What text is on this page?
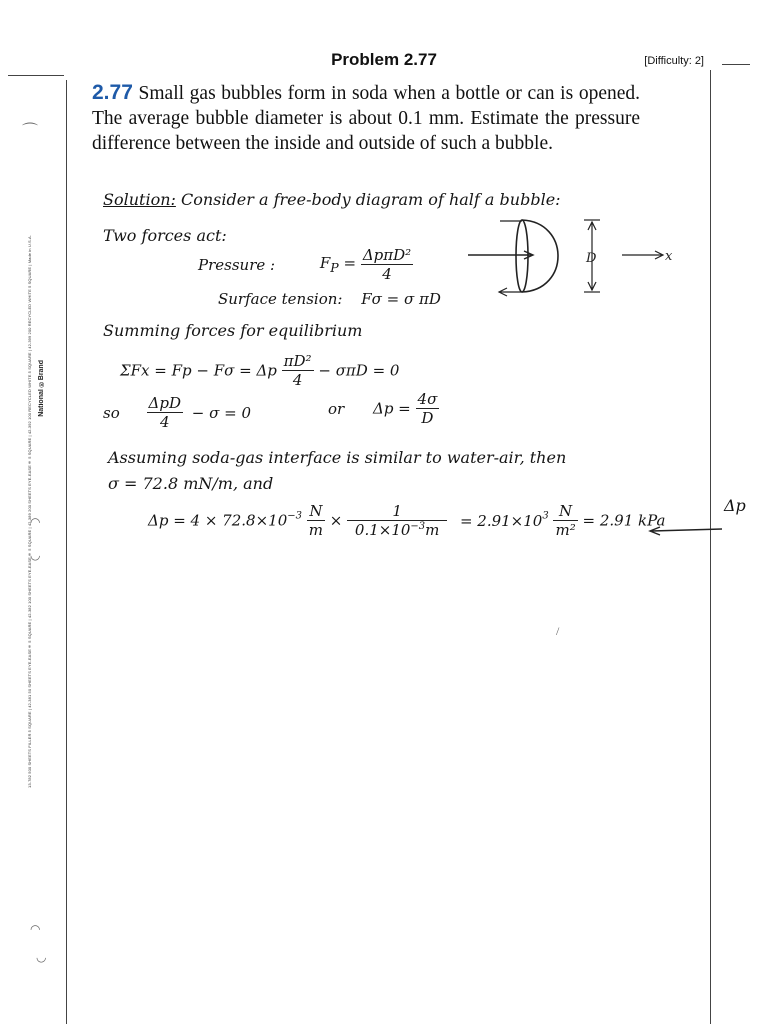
Problem 2.77	[Difficulty: 2]
2.77 Small gas bubbles form in soda when a bottle or can is opened. The average bubble diameter is about 0.1 mm. Estimate the pressure difference between the inside and outside of such a bubble.
Solution: Consider a free-body diagram of half a bubble:
Two forces act:
Pressure :	$F_P = \frac{\text{ΔpπD²}}{4}$
Surface tension: Fσ = σ πD
Summing forces for equilibrium
ΣFx = Fp − Fσ = Δp $\frac{\text{πD²}}{4} - \sigma\pi D = 0$
so $\frac{\text{ΔpD}}{4} - \sigma = 0$	or $\Delta p = \frac{4\sigma}{D}$
Assuming soda-gas interface is similar to water-air, then
σ = 72.8 mN/m, and
$\Delta p = 4 \times 72.8\times 10^{-3} \frac{N}{m} \times \frac{1}{0.1\times 10^{-3}m} = 2.91\times 10^3 \frac{N}{\text{m²}} = 2.91$ kPa
Δp
D	x
13-782 500 SHEETS FILLER 5 SQUARE | 42-381 50 SHEETS EYE-EASE® 5 SQUARE | 42-382 100 SHEETS EYE-EASE® 5 SQUARE | 42-389 200 SHEETS EYE-EASE® 5 SQUARE | 42-392 100 RECYCLED WHITE 5 SQUARE | 42-399 200 RECYCLED WHITE 5 SQUARE | Made in U.S.A. National ®Brand
⌒
◠
◡
◠
◡
/
